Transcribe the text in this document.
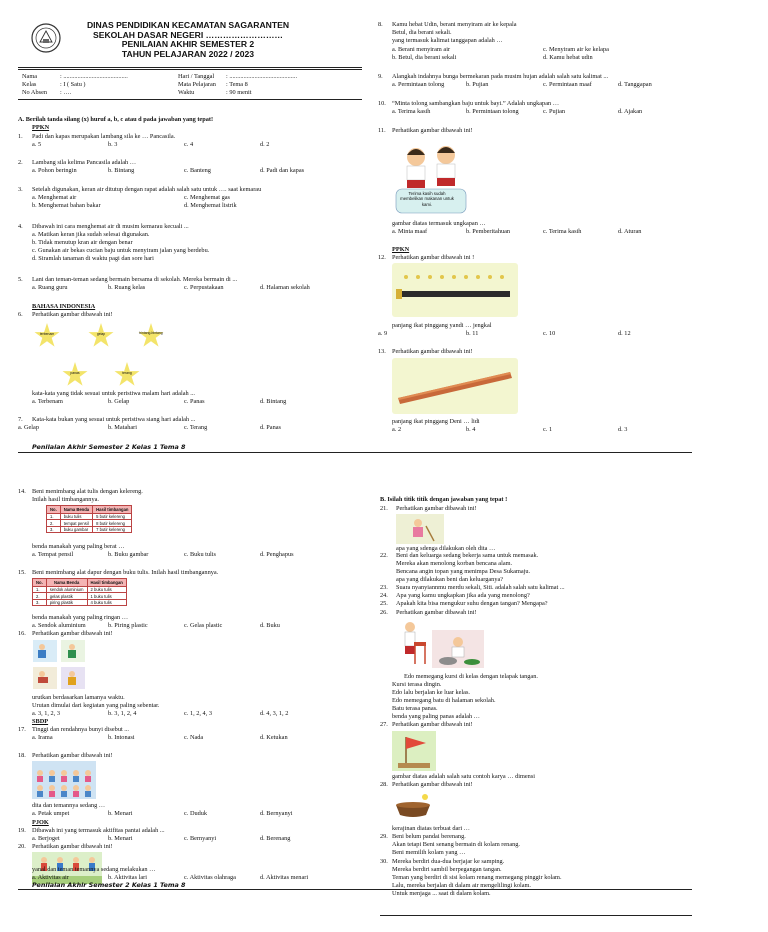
DINAS PENDIDIKAN KECAMATAN SAGARANTEN
SEKOLAH DASAR NEGERI ………………………
PENILAIAN AKHIR SEMESTER 2
TAHUN PELAJARAN 2022 / 2023
Nama	: .........................................
Kelas	: I ( Satu )
No Absen : ….
Hari / Tanggal : ...........................................
Mata Pelajaran : Tema 8
Waktu	: 90 menit
A. Berilah tanda silang (x) huruf a, b, c atau d pada jawaban yang tepat!
PPKN
1. Padi dan kapas merupakan lambang sila ke … Pancasila.
a. 5	b. 3	c. 4	d. 2
2. Lambang sila kelima Pancasila adalah …
a. Pohon beringin	b. Bintang	c. Banteng	d. Padi dan kapas
3. Setelah digunakan, keran air ditutup dengan rapat adalah salah satu untuk …. saat kemarau
a. Menghemat air	c. Menghemat gas
b. Menghemat bahan bakar	d. Menghemat listrik
4. Dibawah ini cara menghemat air di musim kemarau kecuali ...
a. Matikan keran jika sudah selesai digunakan.
b. Tidak menutup kran air dengan benar
c. Gunakan air bekas cucian baju untuk menyiram jalan yang berdebu.
d. Siramlah tanaman di waktu pagi dan sore hari
5. Lani dan teman-teman sedang bermain bersama di sekolah. Mereka bermain di ...
a. Ruang guru	b. Ruang kelas	c. Perpustakaan	d. Halaman sekolah
BAHASA INDONESIA
6. Perhatikan gambar dibawah ini!
terbenam	gelap	bintang-bintang
panas	terang
kata-kata yang tidak sesuai untuk peristiwa malam hari adalah ...
a. Terbenam	b. Gelap	c. Panas	d. Bintang
7. Kata-kata bukan yang sesuai untuk peristiwa siang hari adalah ...
a. Gelap	b. Matahari	c. Terang	d. Panas
Penilaian Akhir Semester 2 Kelas 1 Tema 8
8. Kamu hebat Udin, berani menyiram air ke kepala
Betul, dia berani sekali.
yang termasuk kalimat tanggapan adalah …
a. Berani menyiram air	c. Menyiram air ke kelapa
b. Betul, dia berani sekali	d. Kamu hebat udin
9. Alangkah indahnya bunga bermekaran pada musim hujan adalah salah satu kalimat ...
a. Permintaan tolong	b. Pujian	c. Permintaan maaf	d. Tanggapan
10. “Minta tolong sambangkan baju untuk bayi.” Adalah ungkapan …
a. Terima kasih	b. Permintaan tolong	c. Pujian	d. Ajakan
11. Perhatikan gambar dibawah ini!
Terima kasih sudah membelikan makanan untuk kami.
gambar diatas termasuk ungkapan …
a. Minta maaf	b. Pemberitahuan	c. Terima kasih	d. Aturan
PPKN
12. Perhatikan gambar dibawah ini !
panjang ikat pinggang yandi … jengkal
a. 9	b. 11	c. 10	d. 12
13. Perhatikan gambar dibawah ini!
panjang ikat pinggang Deni … lidi
a. 2	b. 4	c. 1	d. 3
14. Beni menimbang alat tulis dengan kelereng.
Inilah hasil timbangannya.
No.	Nama Benda	Hasil timbangan
1.	buku tulis	5 butir kelereng
2.	tempat pensil	8 butir kelereng
3.	buku gambar	7 butir kelereng
benda manakah yang paling berat …
a. Tempat pensil	b. Buku gambar	c. Buku tulis	d. Penghapus
15. Beni menimbang alat dapur dengan buku tulis. Inilah hasil timbangannya.
No.	Nama Benda	Hasil timbangan
1.	sendok aluminium	2 buku tulis
2.	gelas plastik	1 buku tulis
3.	piring plastik	4 buku tulis
benda manakah yang paling ringan …
a. Sendok aluminium	b. Piring plastic	c. Gelas plastic	d. Buku
16. Perhatikan gambar dibawah ini!
urutkan berdasarkan lamanya waktu.
Urutan dimulai dari kegiatan yang paling sebentar.
a. 3, 1, 2, 3	b. 3, 1, 2, 4	c. 1, 2, 4, 3	d. 4, 3, 1, 2
SBDP
17. Tinggi dan rendahnya bunyi disebut ...
a. Irama	b. Intonasi	c. Nada	d. Ketukan
18. Perhatikan gambar dibawah ini!
dita dan temannya sedang …
a. Petak umpet	b. Menari	c. Duduk	d. Bernyanyi
PJOK
19. Dibawah ini yang termasuk aktifitas pantai adalah ...
a. Berjoget	b. Menari	c. Bernyanyi	d. Berenang
20. Perhatikan gambar dibawah ini!
yanal dan teman temannya sedang melakukan …
a. Aktivitas air	b. Aktivitas lari	c. Aktivitas olahraga	d. Aktivitas menari
Penilaian Akhir Semester 2 Kelas 1 Tema 8
B. Isilah titik titik dengan jawaban yang tepat !
21. Perhatikan gambar dibawah ini!
apa yang sdenga dilakukan oleh dita …
22. Beni dan keluarga sedang bekerja sama untuk memasak.
Mereka akan menolong korban bencana alam.
Bencana angin topan yang menimpa Desa Sukamaju.
apa yang dilakukan beni dan keluarganya?
23. Suara nyanyiannmu merdu sekali, Siti. adalah salah satu kalimat ...
24. Apa yang kamu ungkapkan jika ada yang menolong?
25. Apakah kita bisa mengukur suhu dengan tangan? Mengapa?
26. Perhatikan gambar dibawah ini!
Edo memegang kursi di kelas dengan telapak tangan.
Kursi terasa dingin.
Edo lalu berjalan ke luar kelas.
Edo memegang batu di halaman sekolah.
Batu terasa panas.
benda yang paling panas adalah …
27. Perhatikan gambar dibawah ini!
gambar diatas adalah salah satu contoh karya … dimensi
28. Perhatikan gambar dibawah ini!
kerajinan diatas terbuat dari …
29. Beni belum pandai berenang.
Akan tetapi Beni senang bermain di kolam renang.
Beni memilih kolam yang …
30. Mereka berdiri dua-dua berjajar ke samping.
Mereka berdiri sambil berpegangan tangan.
Teman yang berdiri di sisi kolam renang memegang pinggir kolam.
Lalu, mereka berjalan di dalam air mengelilingi kolam.
Untuk menjaga ... saat di dalam kolam.
